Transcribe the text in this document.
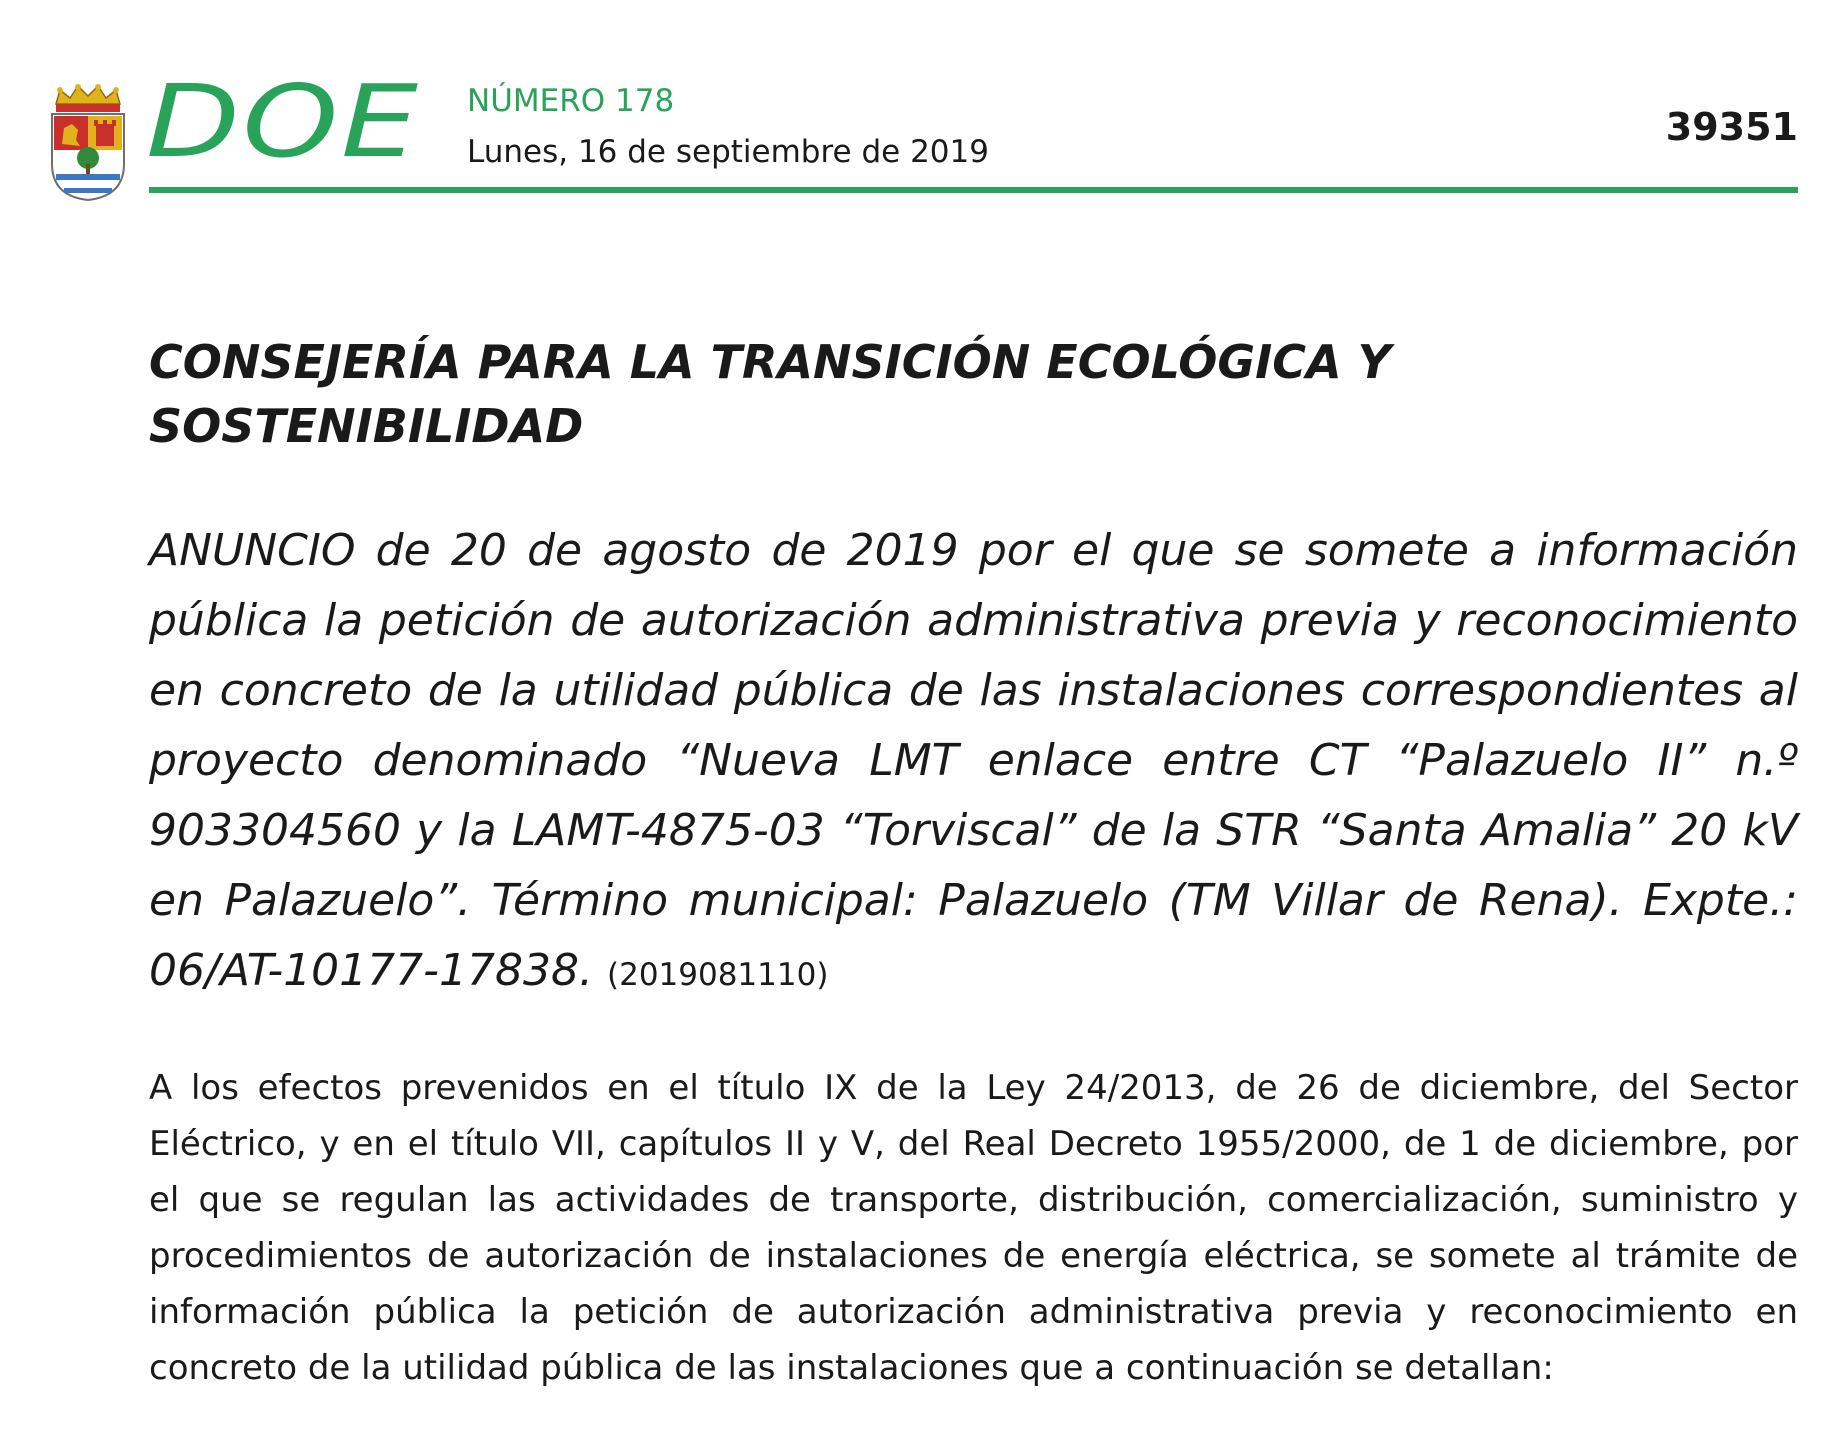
DOE NÚMERO 178
Lunes, 16 de septiembre de 2019
39351
CONSEJERÍA PARA LA TRANSICIÓN ECOLÓGICA Y SOSTENIBILIDAD
ANUNCIO de 20 de agosto de 2019 por el que se somete a información pública la petición de autorización administrativa previa y reconocimiento en concreto de la utilidad pública de las instalaciones correspondientes al proyecto denominado “Nueva LMT enlace entre CT “Palazuelo II” n.º 903304560 y la LAMT-4875-03 “Torviscal” de la STR “Santa Amalia” 20 kV en Palazuelo”. Término municipal: Palazuelo (TM Villar de Rena). Expte.: 06/AT-10177-17838. (2019081110)
A los efectos prevenidos en el título IX de la Ley 24/2013, de 26 de diciembre, del Sector Eléctrico, y en el título VII, capítulos II y V, del Real Decreto 1955/2000, de 1 de diciembre, por el que se regulan las actividades de transporte, distribución, comercialización, suministro y procedimientos de autorización de instalaciones de energía eléctrica, se somete al trámite de información pública la petición de autorización administrativa previa y reconocimiento en concreto de la utilidad pública de las instalaciones que a continuación se detallan:
